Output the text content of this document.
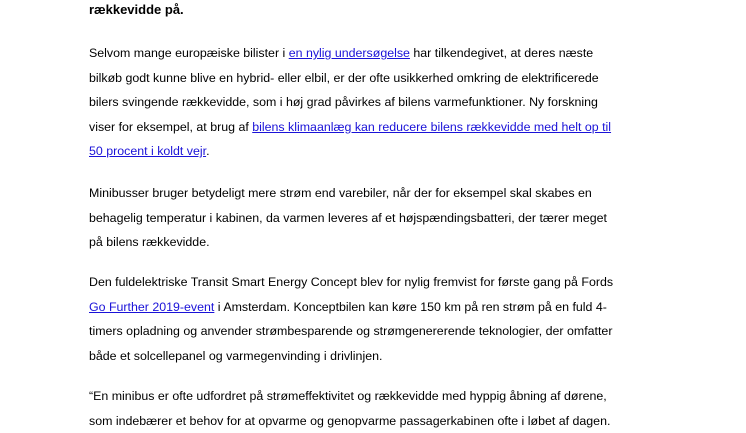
rækkevidde på.

Selvom mange europæiske bilister i en nylig undersøgelse har tilkendegivet, at deres næste
bilkøb godt kunne blive en hybrid- eller elbil, er der ofte usikkerhed omkring de elektrificerede
bilers svingende rækkevidde, som i høj grad påvirkes af bilens varmefunktioner. Ny forskning
viser for eksempel, at brug af bilens klimaanlæg kan reducere bilens rækkevidde med helt op til
50 procent i koldt vejr.

Minibusser bruger betydeligt mere strøm end varebiler, når der for eksempel skal skabes en
behagelig temperatur i kabinen, da varmen leveres af et højspændingsbatteri, der tærer meget
på bilens rækkevidde.

Den fuldelektriske Transit Smart Energy Concept blev for nylig fremvist for første gang på Fords
Go Further 2019-event i Amsterdam. Konceptbilen kan køre 150 km på ren strøm på en fuld 4-
timers opladning og anvender strømbesparende og strømgenererende teknologier, der omfatter
både et solcellepanel og varmegenvinding i drivlinjen.

“En minibus er ofte udfordret på strømeffektivitet og rækkevidde med hyppig åbning af dørene,
som indebærer et behov for at opvarme og genopvarme passagerkabinen ofte i løbet af dagen.
